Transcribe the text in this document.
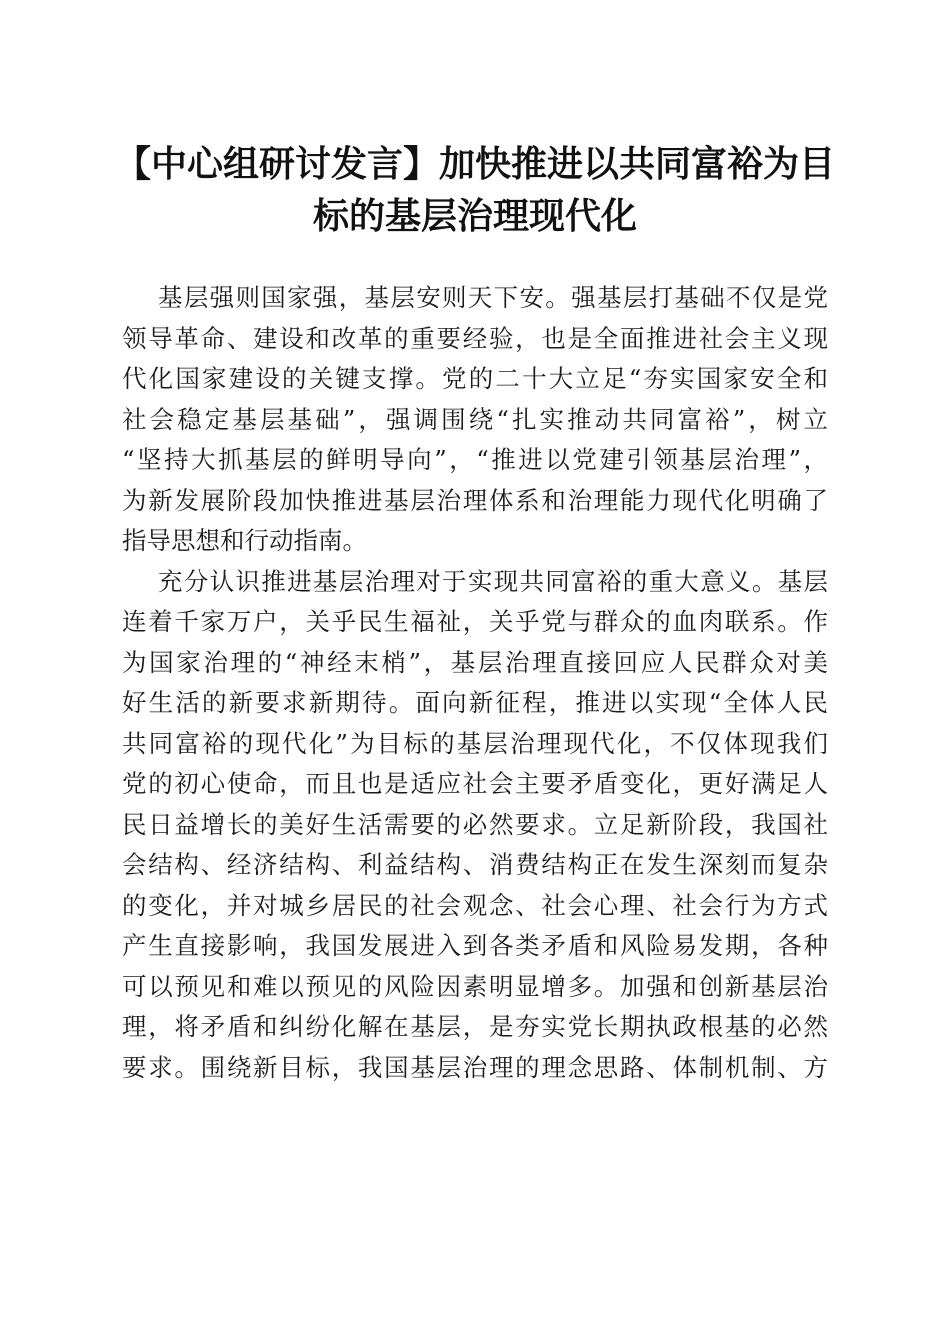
【中心组研讨发言】加快推进以共同富裕为目
标的基层治理现代化
基层强则国家强，基层安则天下安。强基层打基础不仅是党
领导革命、建设和改革的重要经验，也是全面推进社会主义现
代化国家建设的关键支撑。党的二十大立足“夯实国家安全和
社会稳定基层基础”，强调围绕“扎实推动共同富裕”，树立
“坚持大抓基层的鲜明导向”，“推进以党建引领基层治理”，
为新发展阶段加快推进基层治理体系和治理能力现代化明确了
指导思想和行动指南。
充分认识推进基层治理对于实现共同富裕的重大意义。基层
连着千家万户，关乎民生福祉，关乎党与群众的血肉联系。作
为国家治理的“神经末梢”，基层治理直接回应人民群众对美
好生活的新要求新期待。面向新征程，推进以实现“全体人民
共同富裕的现代化”为目标的基层治理现代化，不仅体现我们
党的初心使命，而且也是适应社会主要矛盾变化，更好满足人
民日益增长的美好生活需要的必然要求。立足新阶段，我国社
会结构、经济结构、利益结构、消费结构正在发生深刻而复杂
的变化，并对城乡居民的社会观念、社会心理、社会行为方式
产生直接影响，我国发展进入到各类矛盾和风险易发期，各种
可以预见和难以预见的风险因素明显增多。加强和创新基层治
理，将矛盾和纠纷化解在基层，是夯实党长期执政根基的必然
要求。围绕新目标，我国基层治理的理念思路、体制机制、方
